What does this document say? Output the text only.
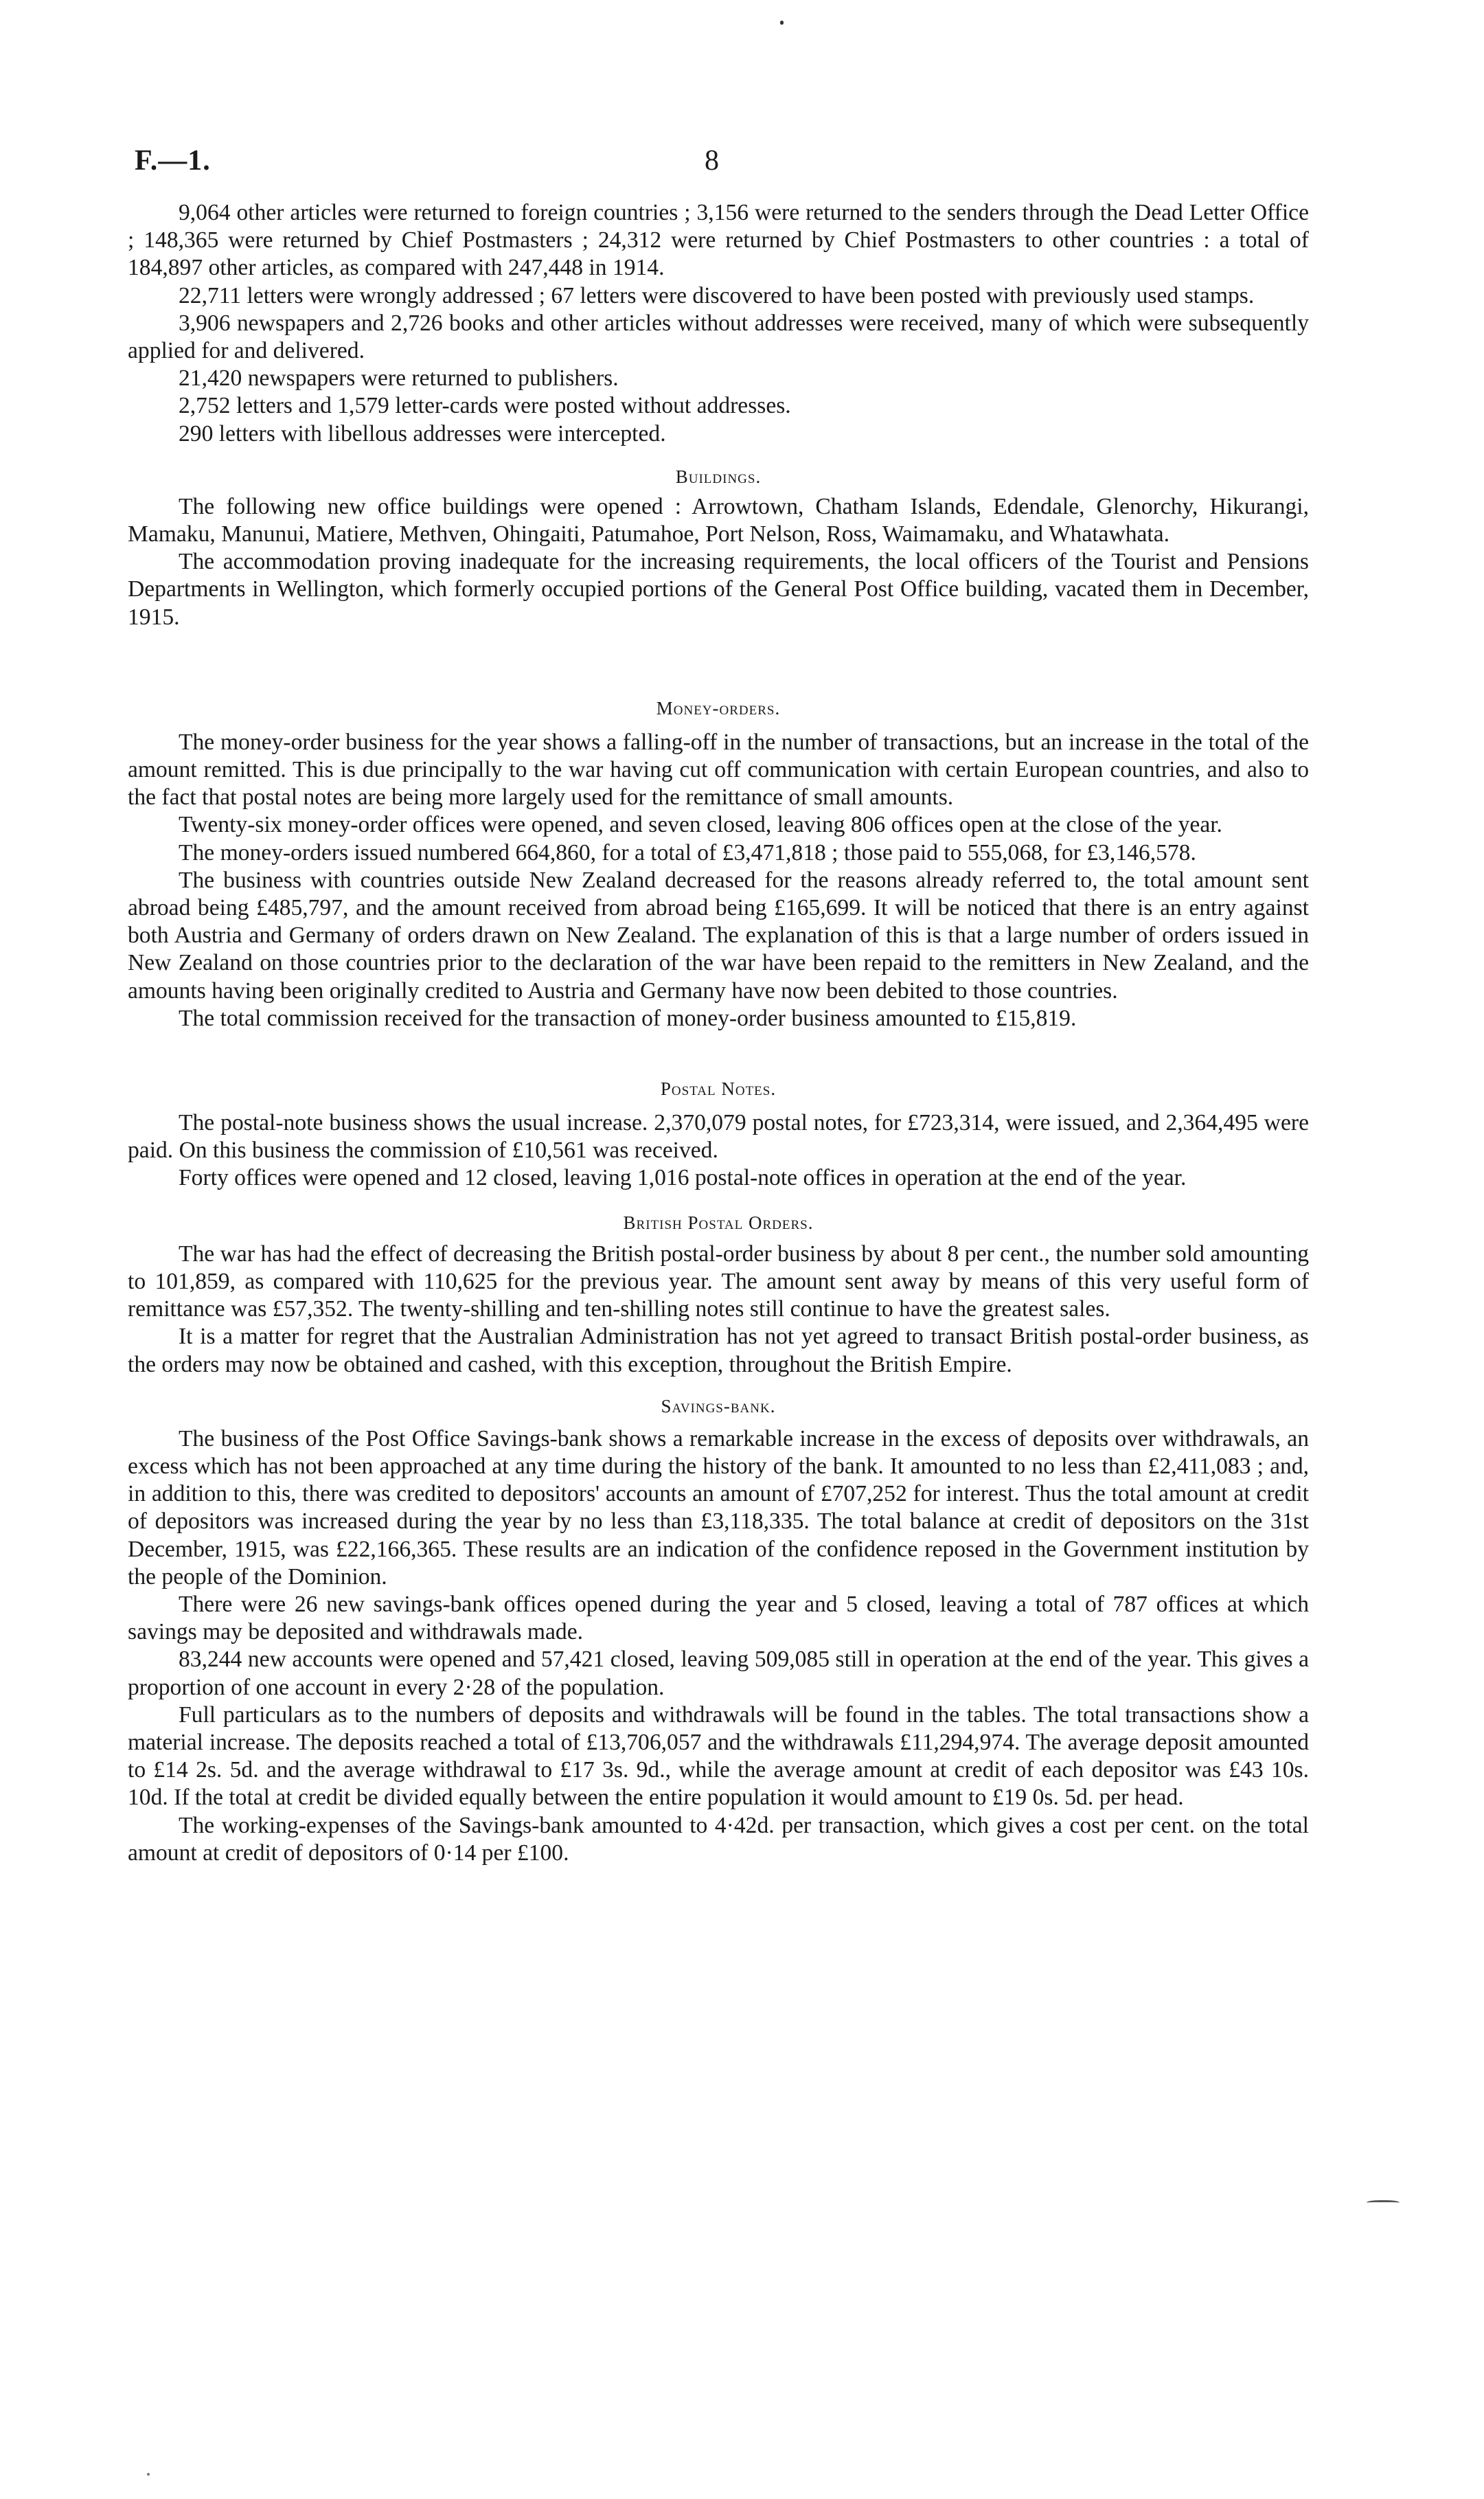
F.—1.	8

9,064 other articles were returned to foreign countries ; 3,156 were returned to the senders through the Dead Letter Office ; 148,365 were returned by Chief Postmasters ; 24,312 were returned by Chief Postmasters to other countries : a total of 184,897 other articles, as compared with 247,448 in 1914.

22,711 letters were wrongly addressed ; 67 letters were discovered to have been posted with previously used stamps.

3,906 newspapers and 2,726 books and other articles without addresses were received, many of which were subsequently applied for and delivered.

21,420 newspapers were returned to publishers.

2,752 letters and 1,579 letter-cards were posted without addresses.

290 letters with libellous addresses were intercepted.

Buildings.

The following new office buildings were opened : Arrowtown, Chatham Islands, Edendale, Glenorchy, Hikurangi, Mamaku, Manunui, Matiere, Methven, Ohingaiti, Patumahoe, Port Nelson, Ross, Waimamaku, and Whatawhata.

The accommodation proving inadequate for the increasing requirements, the local officers of the Tourist and Pensions Departments in Wellington, which formerly occupied portions of the General Post Office building, vacated them in December, 1915.

Money-orders.

The money-order business for the year shows a falling-off in the number of transactions, but an increase in the total of the amount remitted. This is due principally to the war having cut off communication with certain European countries, and also to the fact that postal notes are being more largely used for the remittance of small amounts.

Twenty-six money-order offices were opened, and seven closed, leaving 806 offices open at the close of the year.

The money-orders issued numbered 664,860, for a total of £3,471,818 ; those paid to 555,068, for £3,146,578.

The business with countries outside New Zealand decreased for the reasons already referred to, the total amount sent abroad being £485,797, and the amount received from abroad being £165,699. It will be noticed that there is an entry against both Austria and Germany of orders drawn on New Zealand. The explanation of this is that a large number of orders issued in New Zealand on those countries prior to the declaration of the war have been repaid to the remitters in New Zealand, and the amounts having been originally credited to Austria and Germany have now been debited to those countries.

The total commission received for the transaction of money-order business amounted to £15,819.

Postal Notes.

The postal-note business shows the usual increase. 2,370,079 postal notes, for £723,314, were issued, and 2,364,495 were paid. On this business the commission of £10,561 was received.

Forty offices were opened and 12 closed, leaving 1,016 postal-note offices in operation at the end of the year.

British Postal Orders.

The war has had the effect of decreasing the British postal-order business by about 8 per cent., the number sold amounting to 101,859, as compared with 110,625 for the previous year. The amount sent away by means of this very useful form of remittance was £57,352. The twenty-shilling and ten-shilling notes still continue to have the greatest sales.

It is a matter for regret that the Australian Administration has not yet agreed to transact British postal-order business, as the orders may now be obtained and cashed, with this exception, throughout the British Empire.

Savings-bank.

The business of the Post Office Savings-bank shows a remarkable increase in the excess of deposits over withdrawals, an excess which has not been approached at any time during the history of the bank. It amounted to no less than £2,411,083 ; and, in addition to this, there was credited to depositors' accounts an amount of £707,252 for interest. Thus the total amount at credit of depositors was increased during the year by no less than £3,118,335. The total balance at credit of depositors on the 31st December, 1915, was £22,166,365. These results are an indication of the confidence reposed in the Government institution by the people of the Dominion.

There were 26 new savings-bank offices opened during the year and 5 closed, leaving a total of 787 offices at which savings may be deposited and withdrawals made.

83,244 new accounts were opened and 57,421 closed, leaving 509,085 still in operation at the end of the year. This gives a proportion of one account in every 2·28 of the population.

Full particulars as to the numbers of deposits and withdrawals will be found in the tables. The total transactions show a material increase. The deposits reached a total of £13,706,057 and the withdrawals £11,294,974. The average deposit amounted to £14 2s. 5d. and the average withdrawal to £17 3s. 9d., while the average amount at credit of each depositor was £43 10s. 10d. If the total at credit be divided equally between the entire population it would amount to £19 0s. 5d. per head.

The working-expenses of the Savings-bank amounted to 4·42d. per transaction, which gives a cost per cent. on the total amount at credit of depositors of 0·14 per £100.
